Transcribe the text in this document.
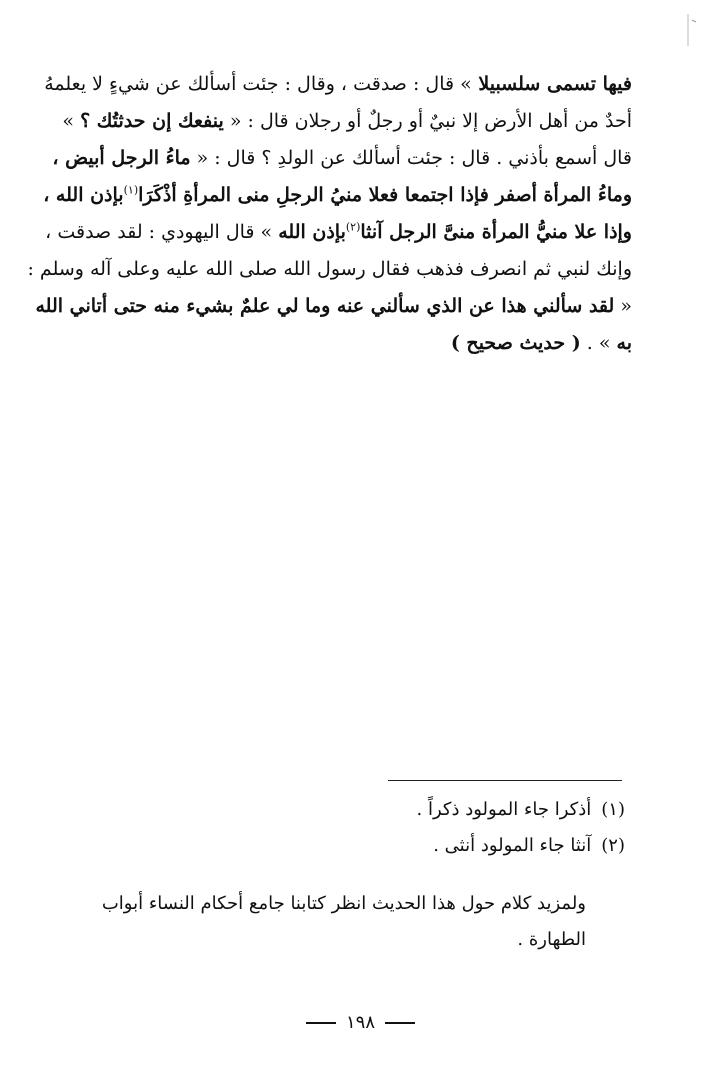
فيها تسمى سلسبيلا » قال : صدقت ، وقال : جئت أسألك عن شيءٍ لا يعلمهُ
أحدٌ من أهل الأرض إلا نبيٌ أو رجلٌ أو رجلان قال : « ينفعك إن حدثتُك ؟ »
قال أسمع بأذني . قال : جئت أسألك عن الولدِ ؟ قال : « ماءُ الرجل أبيض ،
وماءُ المرأة أصفر فإذا اجتمعا فعلا منيُ الرجلِ منى المرأةِ أذْكَرَا$^{(١)}$بإذن الله ،
وإذا علا منيُّ المرأة منىَّ الرجل آنثا$^{(٢)}$بإذن الله » قال اليهودي : لقد صدقت ،
وإنك لنبي ثم انصرف فذهب فقال رسول الله صلى الله عليه وعلى آله وسلم :
« لقد سألني هذا عن الذي سألني عنه وما لي علمٌ بشيء منه حتى أتاني الله
به » . ( حديث صحيح )
(١)أذكرا جاء المولود ذكراً .
(٢)آنثا جاء المولود أنثى .
ولمزيد كلام حول هذا الحديث انظر كتابنا جامع أحكام النساء أبواب الطهارة .
١٩٨
